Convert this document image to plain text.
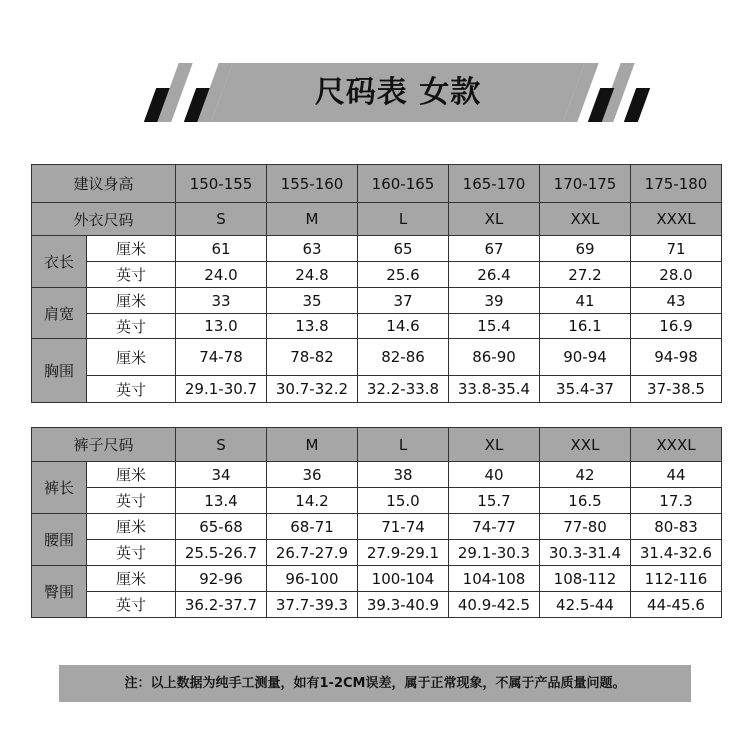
尺码表 女款
建议身高		150-155	155-160	160-165	165-170	170-175	175-180
外衣尺码		S	M	L	XL	XXL	XXXL
衣长	厘米	61	63	65	67	69	71
	英寸	24.0	24.8	25.6	26.4	27.2	28.0
肩宽	厘米	33	35	37	39	41	43
	英寸	13.0	13.8	14.6	15.4	16.1	16.9
胸围	厘米	74-78	78-82	82-86	86-90	90-94	94-98
	英寸	29.1-30.7	30.7-32.2	32.2-33.8	33.8-35.4	35.4-37	37-38.5
裤子尺码		S	M	L	XL	XXL	XXXL
裤长	厘米	34	36	38	40	42	44
	英寸	13.4	14.2	15.0	15.7	16.5	17.3
腰围	厘米	65-68	68-71	71-74	74-77	77-80	80-83
	英寸	25.5-26.7	26.7-27.9	27.9-29.1	29.1-30.3	30.3-31.4	31.4-32.6
臀围	厘米	92-96	96-100	100-104	104-108	108-112	112-116
	英寸	36.2-37.7	37.7-39.3	39.3-40.9	40.9-42.5	42.5-44	44-45.6
注：以上数据为纯手工测量，如有1-2CM误差，属于正常现象，不属于产品质量问题。
